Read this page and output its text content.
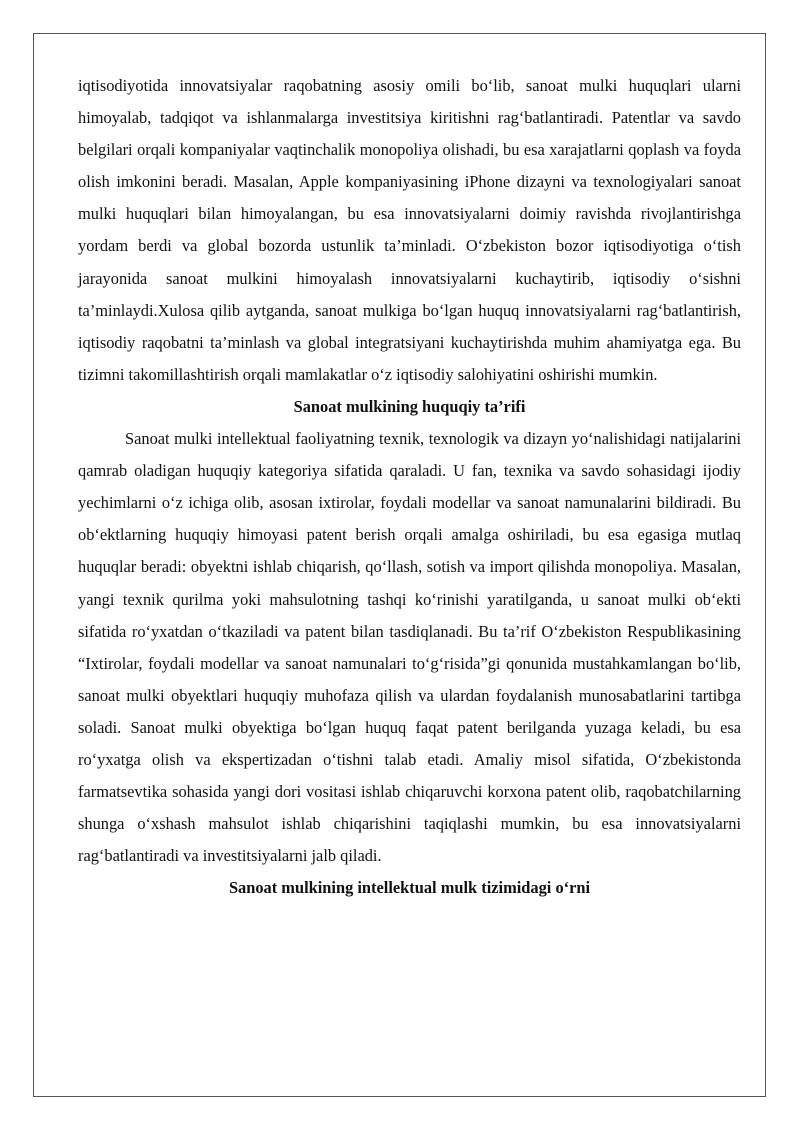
iqtisodiyotida innovatsiyalar raqobatning asosiy omili bo‘lib, sanoat mulki huquqlari ularni himoyalab, tadqiqot va ishlanmalarga investitsiya kiritishni rag‘batlantiradi. Patentlar va savdo belgilari orqali kompaniyalar vaqtinchalik monopoliya olishadi, bu esa xarajatlarni qoplash va foyda olish imkonini beradi. Masalan, Apple kompaniyasining iPhone dizayni va texnologiyalari sanoat mulki huquqlari bilan himoyalangan, bu esa innovatsiyalarni doimiy ravishda rivojlantirishga yordam berdi va global bozorda ustunlik ta’minladi. O‘zbekiston bozor iqtisodiyotiga o‘tish jarayonida sanoat mulkini himoyalash innovatsiyalarni kuchaytirib, iqtisodiy o‘sishni ta’minlaydi.Xulosa qilib aytganda, sanoat mulkiga bo‘lgan huquq innovatsiyalarni rag‘batlantirish, iqtisodiy raqobatni ta’minlash va global integratsiyani kuchaytirishda muhim ahamiyatga ega. Bu tizimni takomillashtirish orqali mamlakatlar o‘z iqtisodiy salohiyatini oshirishi mumkin.

Sanoat mulkining huquqiy ta’rifi

Sanoat mulki intellektual faoliyatning texnik, texnologik va dizayn yo‘nalishidagi natijalarini qamrab oladigan huquqiy kategoriya sifatida qaraladi. U fan, texnika va savdo sohasidagi ijodiy yechimlarni o‘z ichiga olib, asosan ixtirolar, foydali modellar va sanoat namunalarini bildiradi. Bu ob‘ektlarning huquqiy himoyasi patent berish orqali amalga oshiriladi, bu esa egasiga mutlaq huquqlar beradi: obyektni ishlab chiqarish, qo‘llash, sotish va import qilishda monopoliya. Masalan, yangi texnik qurilma yoki mahsulotning tashqi ko‘rinishi yaratilganda, u sanoat mulki ob‘ekti sifatida ro‘yxatdan o‘tkaziladi va patent bilan tasdiqlanadi. Bu ta’rif O‘zbekiston Respublikasining “Ixtirolar, foydali modellar va sanoat namunalari to‘g‘risida”gi qonunida mustahkamlangan bo‘lib, sanoat mulki obyektlari huquqiy muhofaza qilish va ulardan foydalanish munosabatlarini tartibga soladi. Sanoat mulki obyektiga bo‘lgan huquq faqat patent berilganda yuzaga keladi, bu esa ro‘yxatga olish va ekspertizadan o‘tishni talab etadi. Amaliy misol sifatida, O‘zbekistonda farmatsevtika sohasida yangi dori vositasi ishlab chiqaruvchi korxona patent olib, raqobatchilarning shunga o‘xshash mahsulot ishlab chiqarishini taqiqlashi mumkin, bu esa innovatsiyalarni rag‘batlantiradi va investitsiyalarni jalb qiladi.

Sanoat mulkining intellektual mulk tizimidagi o‘rni
